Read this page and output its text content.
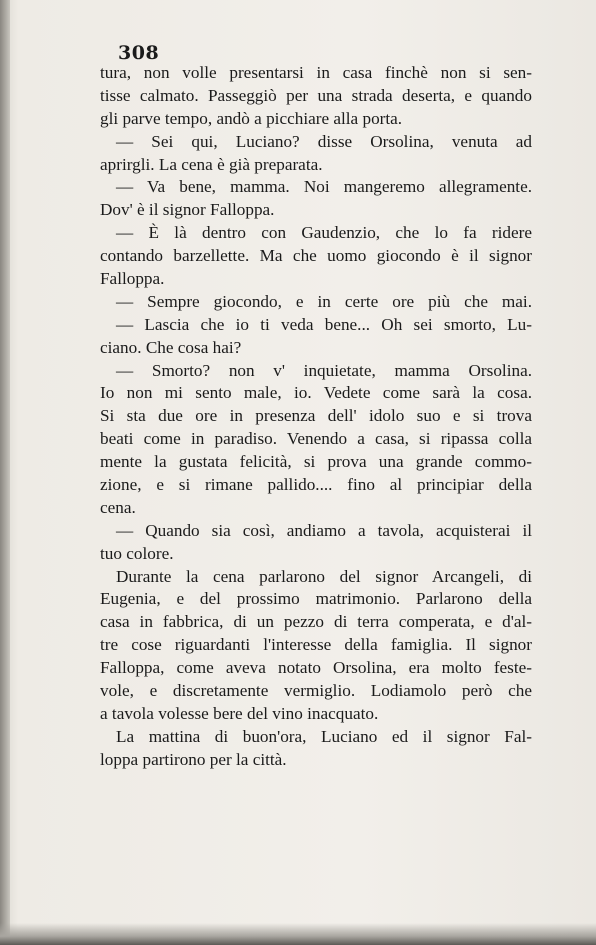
308
tura, non volle presentarsi in casa finchè non si sen-
tisse calmato. Passeggiò per una strada deserta, e quando
gli parve tempo, andò a picchiare alla porta.
— Sei qui, Luciano? disse Orsolina, venuta ad
aprirgli. La cena è già preparata.
— Va bene, mamma. Noi mangeremo allegramente.
Dov' è il signor Falloppa.
— È là dentro con Gaudenzio, che lo fa ridere
contando barzellette. Ma che uomo giocondo è il signor
Falloppa.
— Sempre giocondo, e in certe ore più che mai.
— Lascia che io ti veda bene... Oh sei smorto, Lu-
ciano. Che cosa hai?
— Smorto? non v' inquietate, mamma Orsolina.
Io non mi sento male, io. Vedete come sarà la cosa.
Si sta due ore in presenza dell' idolo suo e si trova
beati come in paradiso. Venendo a casa, si ripassa colla
mente la gustata felicità, si prova una grande commo-
zione, e si rimane pallido.... fino al principiar della
cena.
— Quando sia così, andiamo a tavola, acquisterai il
tuo colore.
Durante la cena parlarono del signor Arcangeli, di
Eugenia, e del prossimo matrimonio. Parlarono della
casa in fabbrica, di un pezzo di terra comperata, e d'al-
tre cose riguardanti l'interesse della famiglia. Il signor
Falloppa, come aveva notato Orsolina, era molto feste-
vole, e discretamente vermiglio. Lodiamolo però che
a tavola volesse bere del vino inacquato.
La mattina di buon'ora, Luciano ed il signor Fal-
loppa partirono per la città.
